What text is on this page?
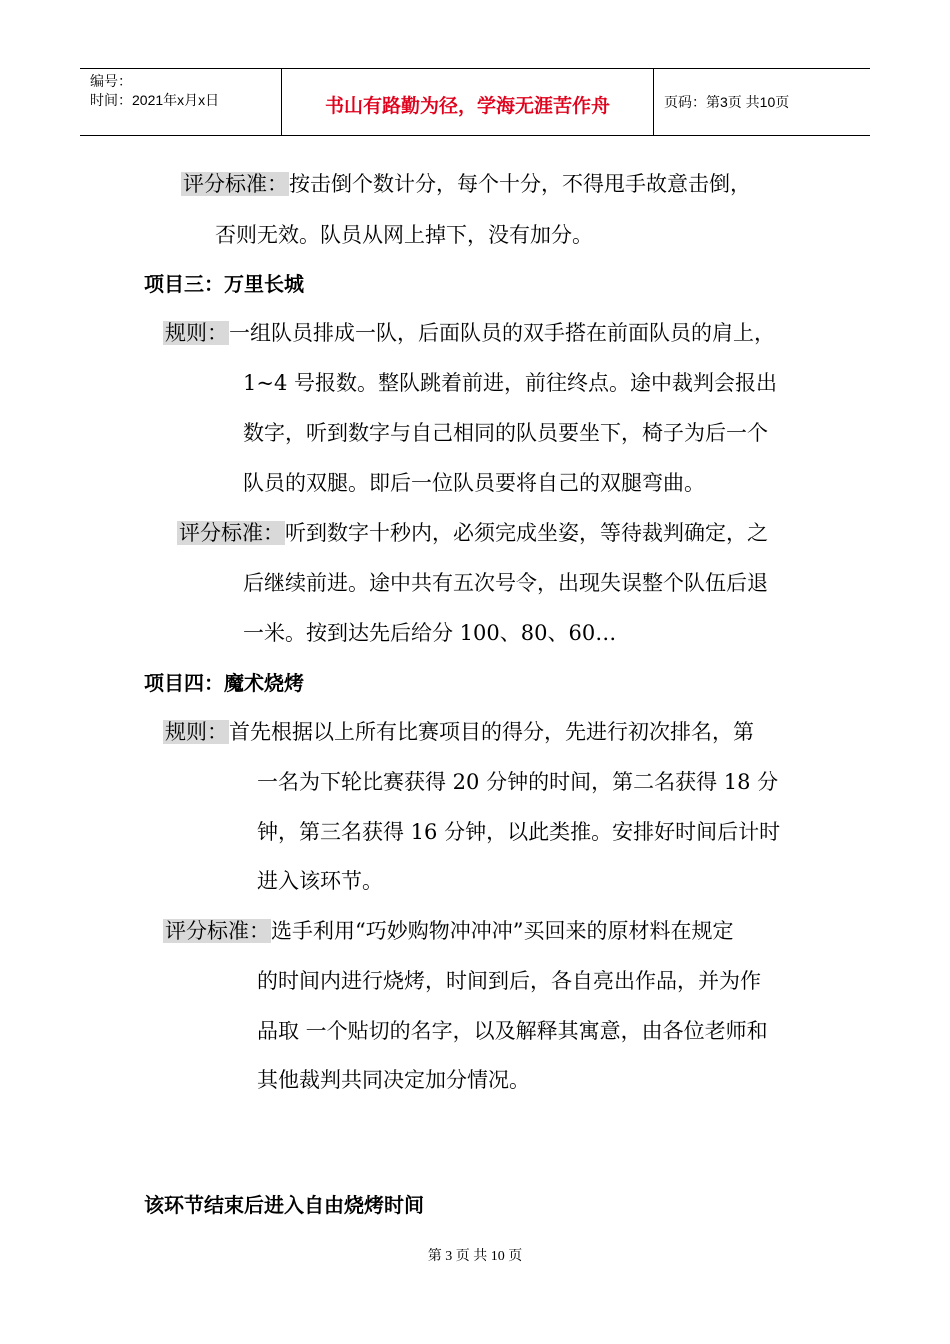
编号：
时间：2021年x月x日	书山有路勤为径，学海无涯苦作舟	页码：第3页 共10页
评分标准：按击倒个数计分，每个十分，不得甩手故意击倒，
否则无效。队员从网上掉下，没有加分。
项目三：万里长城
规则：一组队员排成一队，后面队员的双手搭在前面队员的肩上，
1~4 号报数。整队跳着前进，前往终点。途中裁判会报出
数字，听到数字与自己相同的队员要坐下，椅子为后一个
队员的双腿。即后一位队员要将自己的双腿弯曲。
评分标准：听到数字十秒内，必须完成坐姿，等待裁判确定，之
后继续前进。途中共有五次号令，出现失误整个队伍后退
一米。按到达先后给分 100、80、60…
项目四：魔术烧烤
规则：首先根据以上所有比赛项目的得分，先进行初次排名，第
一名为下轮比赛获得 20 分钟的时间，第二名获得 18 分
钟，第三名获得 16 分钟，以此类推。安排好时间后计时
进入该环节。
评分标准：选手利用“巧妙购物冲冲冲”买回来的原材料在规定
的时间内进行烧烤，时间到后，各自亮出作品，并为作
品取 一个贴切的名字，以及解释其寓意，由各位老师和
其他裁判共同决定加分情况。
该环节结束后进入自由烧烤时间
第 3 页 共 10 页
